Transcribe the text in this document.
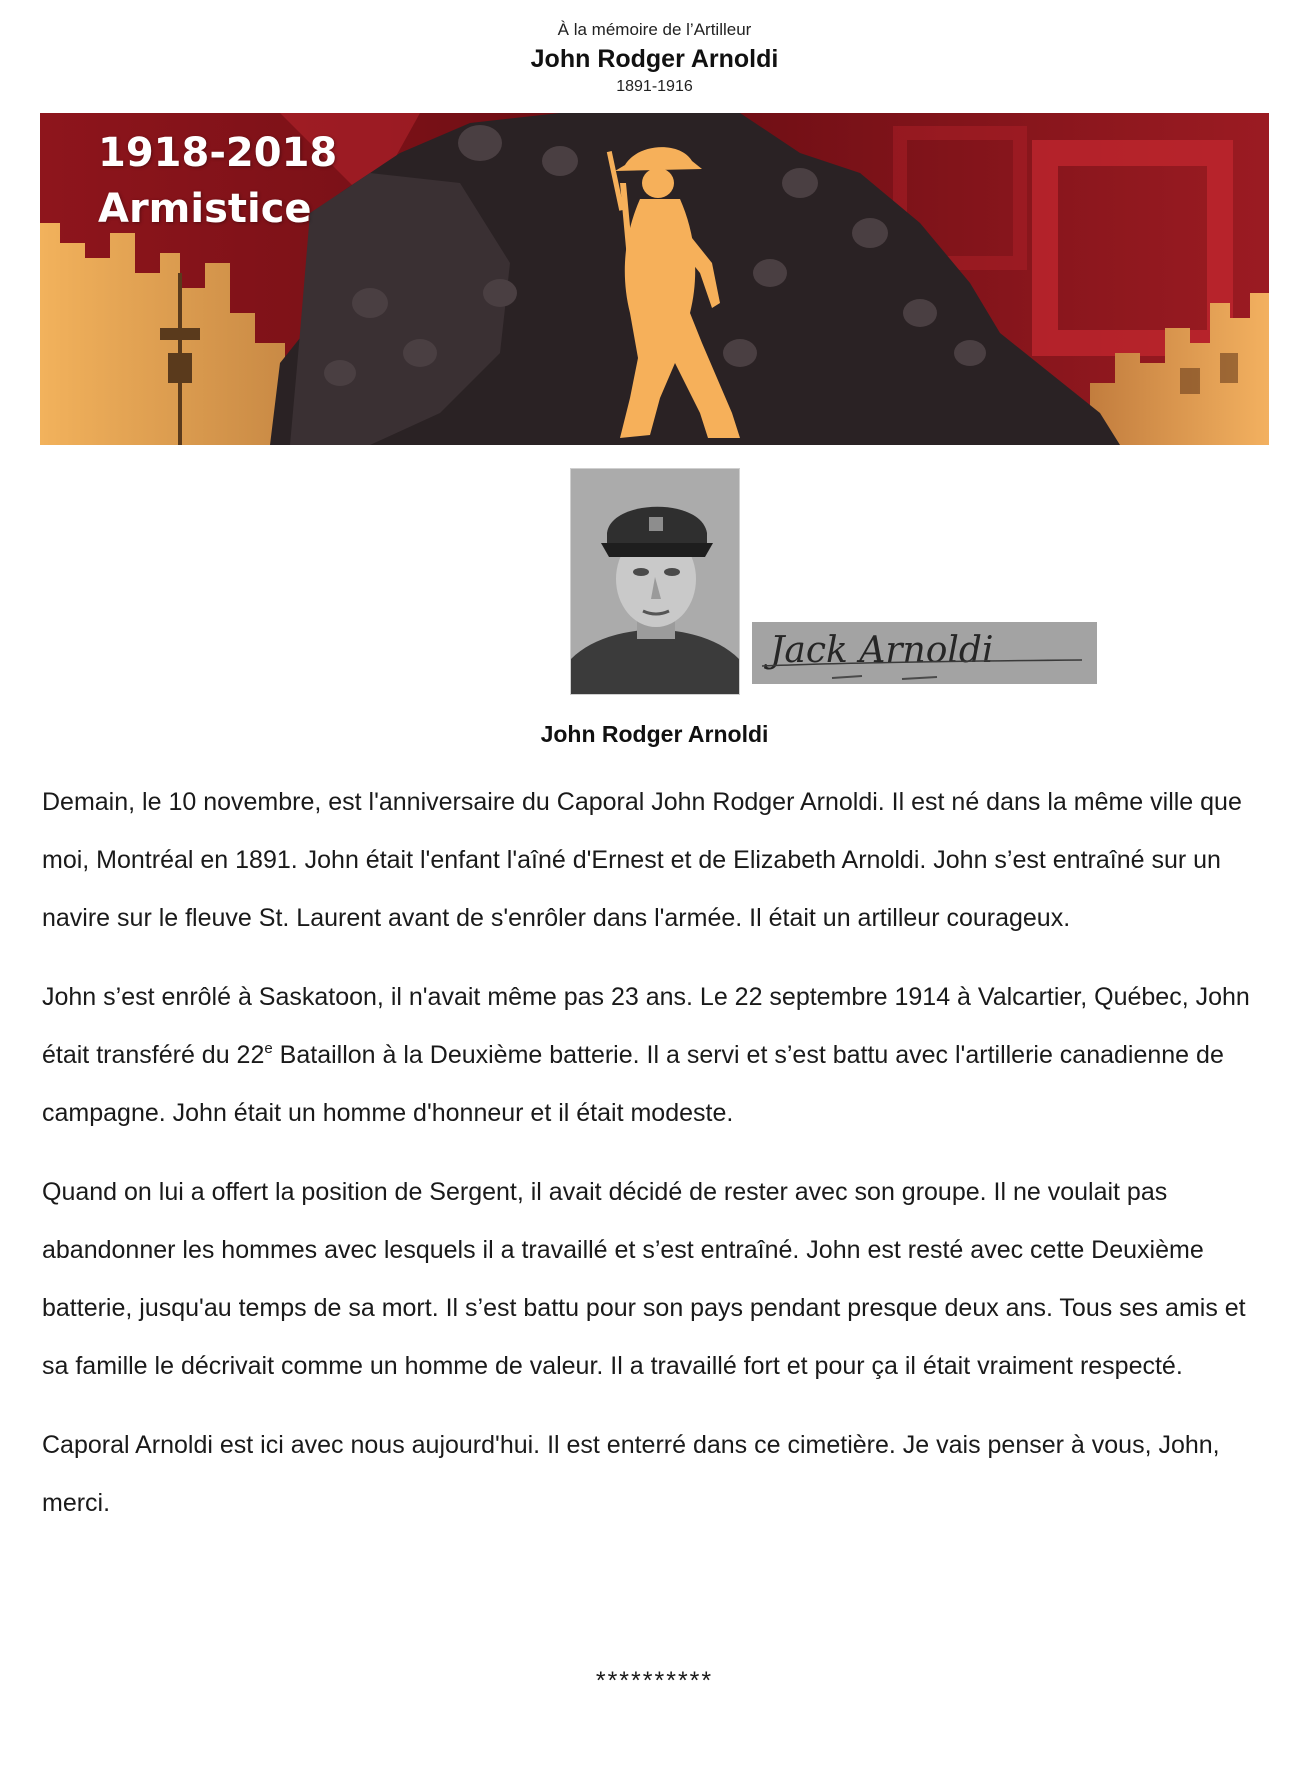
À la mémoire de l’Artilleur
John Rodger Arnoldi
1891-1916
1918-2018
Armistice
Jack Arnoldi
John Rodger Arnoldi

Demain, le 10 novembre, est l'anniversaire du Caporal John Rodger Arnoldi. Il est né dans la même ville que moi, Montréal en 1891. John était l'enfant l'aîné d'Ernest et de Elizabeth Arnoldi. John s’est entraîné sur un navire sur le fleuve St. Laurent avant de s'enrôler dans l'armée. Il était un artilleur courageux.

John s’est enrôlé à Saskatoon, il n'avait même pas 23 ans. Le 22 septembre 1914 à Valcartier, Québec, John était transféré du 22e Bataillon à la Deuxième batterie. Il a servi et s’est battu avec l'artillerie canadienne de campagne. John était un homme d'honneur et il était modeste.

Quand on lui a offert la position de Sergent, il avait décidé de rester avec son groupe. Il ne voulait pas abandonner les hommes avec lesquels il a travaillé et s’est entraîné. John est resté avec cette Deuxième batterie, jusqu'au temps de sa mort. Il s’est battu pour son pays pendant presque deux ans. Tous ses amis et sa famille le décrivait comme un homme de valeur. Il a travaillé fort et pour ça il était vraiment respecté.

Caporal Arnoldi est ici avec nous aujourd'hui. Il est enterré dans ce cimetière. Je vais penser à vous, John, merci.

**********
